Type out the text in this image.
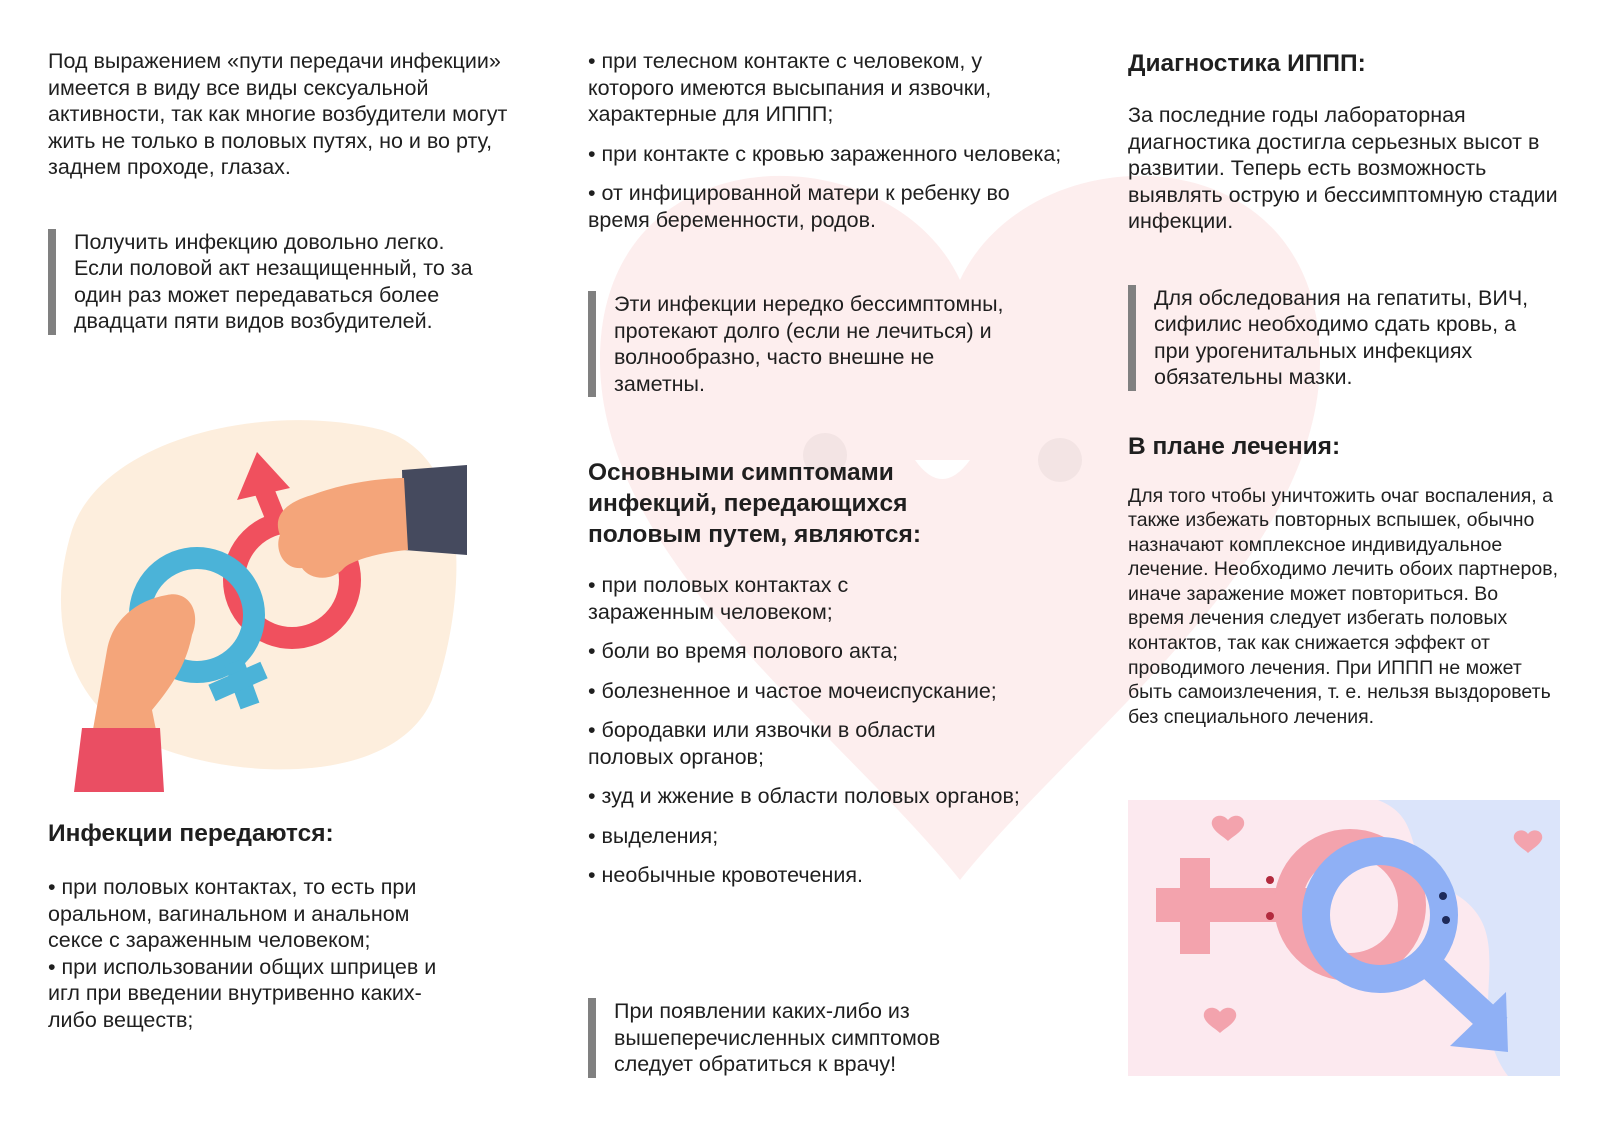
Под выражением «пути передачи инфекции» имеется в виду все виды сексуальной активности, так как многие возбудители могут жить не только в половых путях, но и во рту, заднем проходе, глазах.

Получить инфекцию довольно легко. Если половой акт незащищенный, то за один раз может передаваться более двадцати пяти видов возбудителей.
Инфекции передаются:

• при половых контактах, то есть при оральном, вагинальном и анальном сексе с зараженным человеком;

• при использовании общих шприцев и игл при введении внутривенно каких-либо веществ;

• при телесном контакте с человеком, у которого имеются высыпания и язвочки, характерные для ИППП;

• при контакте с кровью зараженного человека;

• от инфицированной матери к ребенку во время беременности, родов.

Эти инфекции нередко бессимптомны, протекают долго (если не лечиться) и волнообразно, часто внешне не заметны.
Основными симптомами инфекций, передающихся половым путем, являются:

• при половых контактах с зараженным человеком;

• боли во время полового акта;

• болезненное и частое мочеиспускание;

• бородавки или язвочки в области половых органов;

• зуд и жжение в области половых органов;

• выделения;

• необычные кровотечения.

При появлении каких-либо из вышеперечисленных симптомов следует обратиться к врачу!
Диагностика ИППП:

За последние годы лабораторная диагностика достигла серьезных высот в развитии. Теперь есть возможность выявлять острую и бессимптомную стадии инфекции.

Для обследования на гепатиты, ВИЧ, сифилис необходимо сдать кровь, а при урогенитальных инфекциях обязательны мазки.
В плане лечения:

Для того чтобы уничтожить очаг воспаления, а также избежать повторных вспышек, обычно назначают комплексное индивидуальное лечение. Необходимо лечить обоих партнеров, иначе заражение может повториться. Во время лечения следует избегать половых контактов, так как снижается эффект от проводимого лечения. При ИППП не может быть самоизлечения, т. е. нельзя выздороветь без специального лечения.
